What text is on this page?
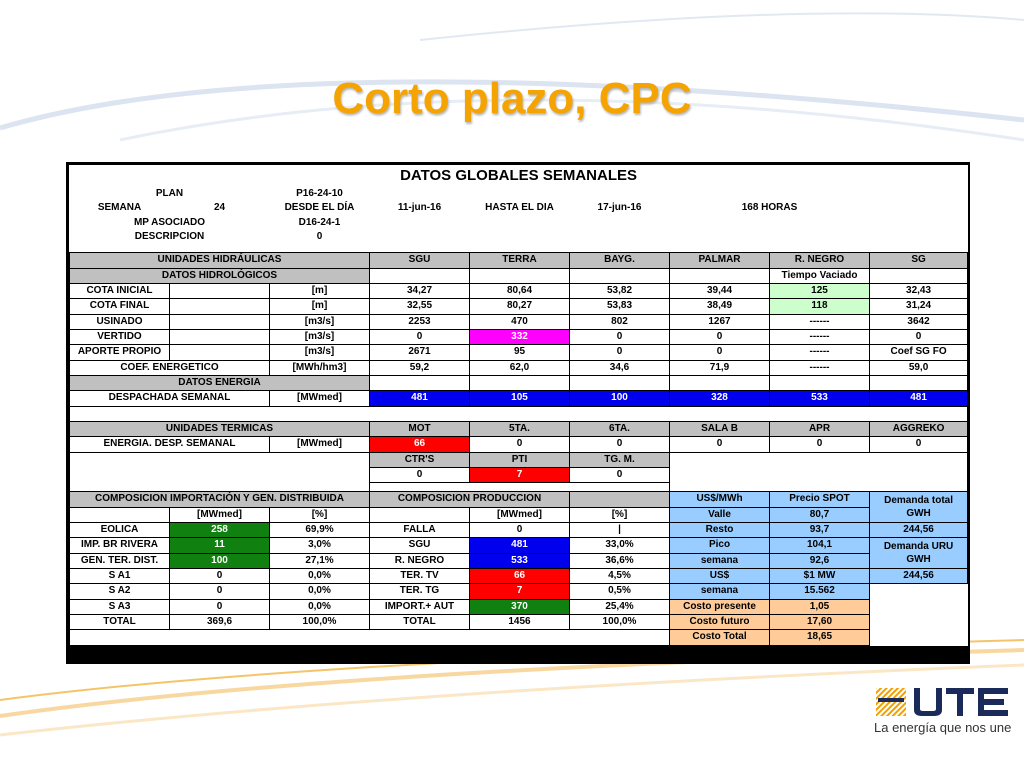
Corto plazo, CPC
DATOS GLOBALES SEMANALES								
PLAN		P16-24-10						
SEMANA	24	DESDE EL DÍA	11-jun-16	HASTA EL DIA	17-jun-16	168 HORAS		
MP ASOCIADO		D16-24-1						
DESCRIPCION		0						

UNIDADES HIDRÁULICAS			SGU	TERRA	BAYG.	PALMAR	R. NEGRO	SG
DATOS HIDROLÓGICOS							Tiempo Vaciado	
COTA INICIAL		[m]	34,27	80,64	53,82	39,44	125	32,43
COTA FINAL		[m]	32,55	80,27	53,83	38,49	118	31,24
USINADO		[m3/s]	2253	470	802	1267	------	3642
VERTIDO		[m3/s]	0	332	0	0	------	0
APORTE PROPIO		[m3/s]	2671	95	0	0	------	Coef SG FO
COEF. ENERGETICO		[MWh/hm3]	59,2	62,0	34,6	71,9	------	59,0
DATOS ENERGIA								
DESPACHADA SEMANAL		[MWmed]	481	105	100	328	533	481

UNIDADES TERMICAS			MOT	5TA.	6TA.	SALA B	APR	AGGREKO
ENERGIA. DESP. SEMANAL		[MWmed]	66	0	0	0	0	0
			CTR'S	PTI	TG. M.			
			0	7	0			

COMPOSICION IMPORTACIÓN Y GEN. DISTRIBUIDA			COMPOSICION PRODUCCION			US$/MWh	Precio SPOT	Demanda total GWH
	[MWmed]	[%]		[MWmed]	[%]	Valle	80,7	
EOLICA	258	69,9%	FALLA	0	|	Resto	93,7	244,56
IMP. BR RIVERA	11	3,0%	SGU	481	33,0%	Pico	104,1	Demanda URU GWH
GEN. TER. DIST.	100	27,1%	R. NEGRO	533	36,6%	semana	92,6	
S A1	0	0,0%	TER. TV	66	4,5%	US$	$1 MW	244,56
S A2	0	0,0%	TER. TG	7	0,5%	semana	15.562	
S A3	0	0,0%	IMPORT.+ AUT	370	25,4%	Costo presente	1,05	
TOTAL	369,6	100,0%	TOTAL	1456	100,0%	Costo futuro	17,60	
						Costo Total	18,65	
La energía que nos une
